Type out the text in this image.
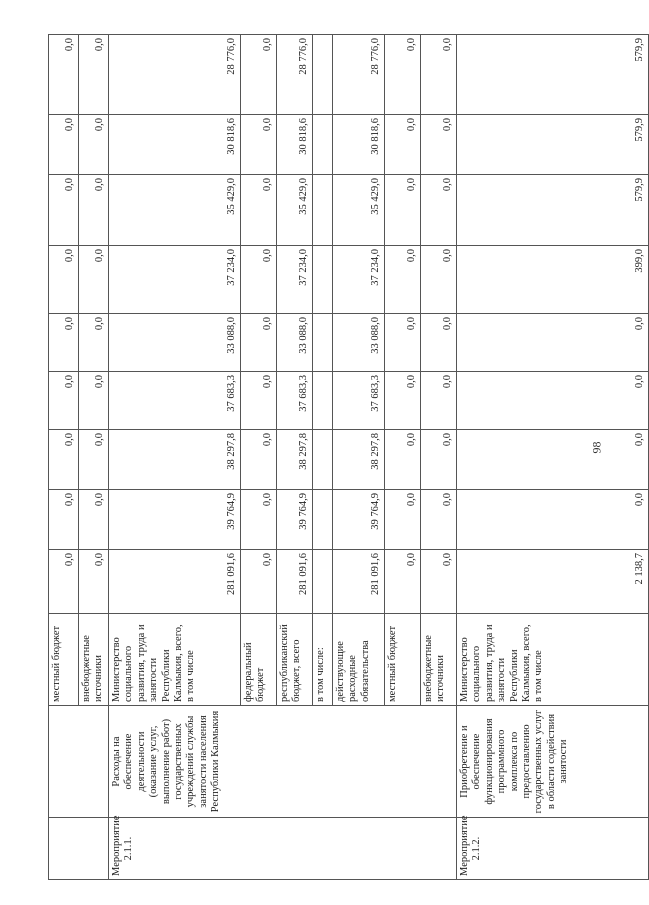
		местный бюджет	0,0	0,0	0,0	0,0	0,0	0,0	0,0	0,0	0,0
		внебюджетные источники	0,0	0,0	0,0	0,0	0,0	0,0	0,0	0,0	0,0
Мероприятие 2.1.1.	Расходы на обеспечение деятельности (оказание услуг, выполнение работ) государственных учреждений службы занятости населения Республики Калмыкия	Министерство социального развития, труда и занятости Республики Калмыкия, всего, в том числе	281 091,6	39 764,9	38 297,8	37 683,3	33 088,0	37 234,0	35 429,0	30 818,6	28 776,0
		федеральный бюджет	0,0	0,0	0,0	0,0	0,0	0,0	0,0	0,0	0,0
		республиканский бюджет, всего	281 091,6	39 764,9	38 297,8	37 683,3	33 088,0	37 234,0	35 429,0	30 818,6	28 776,0
		в том числе:									
		действующие расходные обязательства	281 091,6	39 764,9	38 297,8	37 683,3	33 088,0	37 234,0	35 429,0	30 818,6	28 776,0
		местный бюджет	0,0	0,0	0,0	0,0	0,0	0,0	0,0	0,0	0,0
		внебюджетные источники	0,0	0,0	0,0	0,0	0,0	0,0	0,0	0,0	0,0
Мероприятие 2.1.2.	Приобретение и обеспечение функционирования программного комплекса по предоставлению государственных услуг в области содействия занятости	Министерство социального развития, труда и занятости Республики Калмыкия, всего, в том числе	2 138,7	0,0	0,0	0,0	0,0	399,0	579,9	579,9	579,9
98
